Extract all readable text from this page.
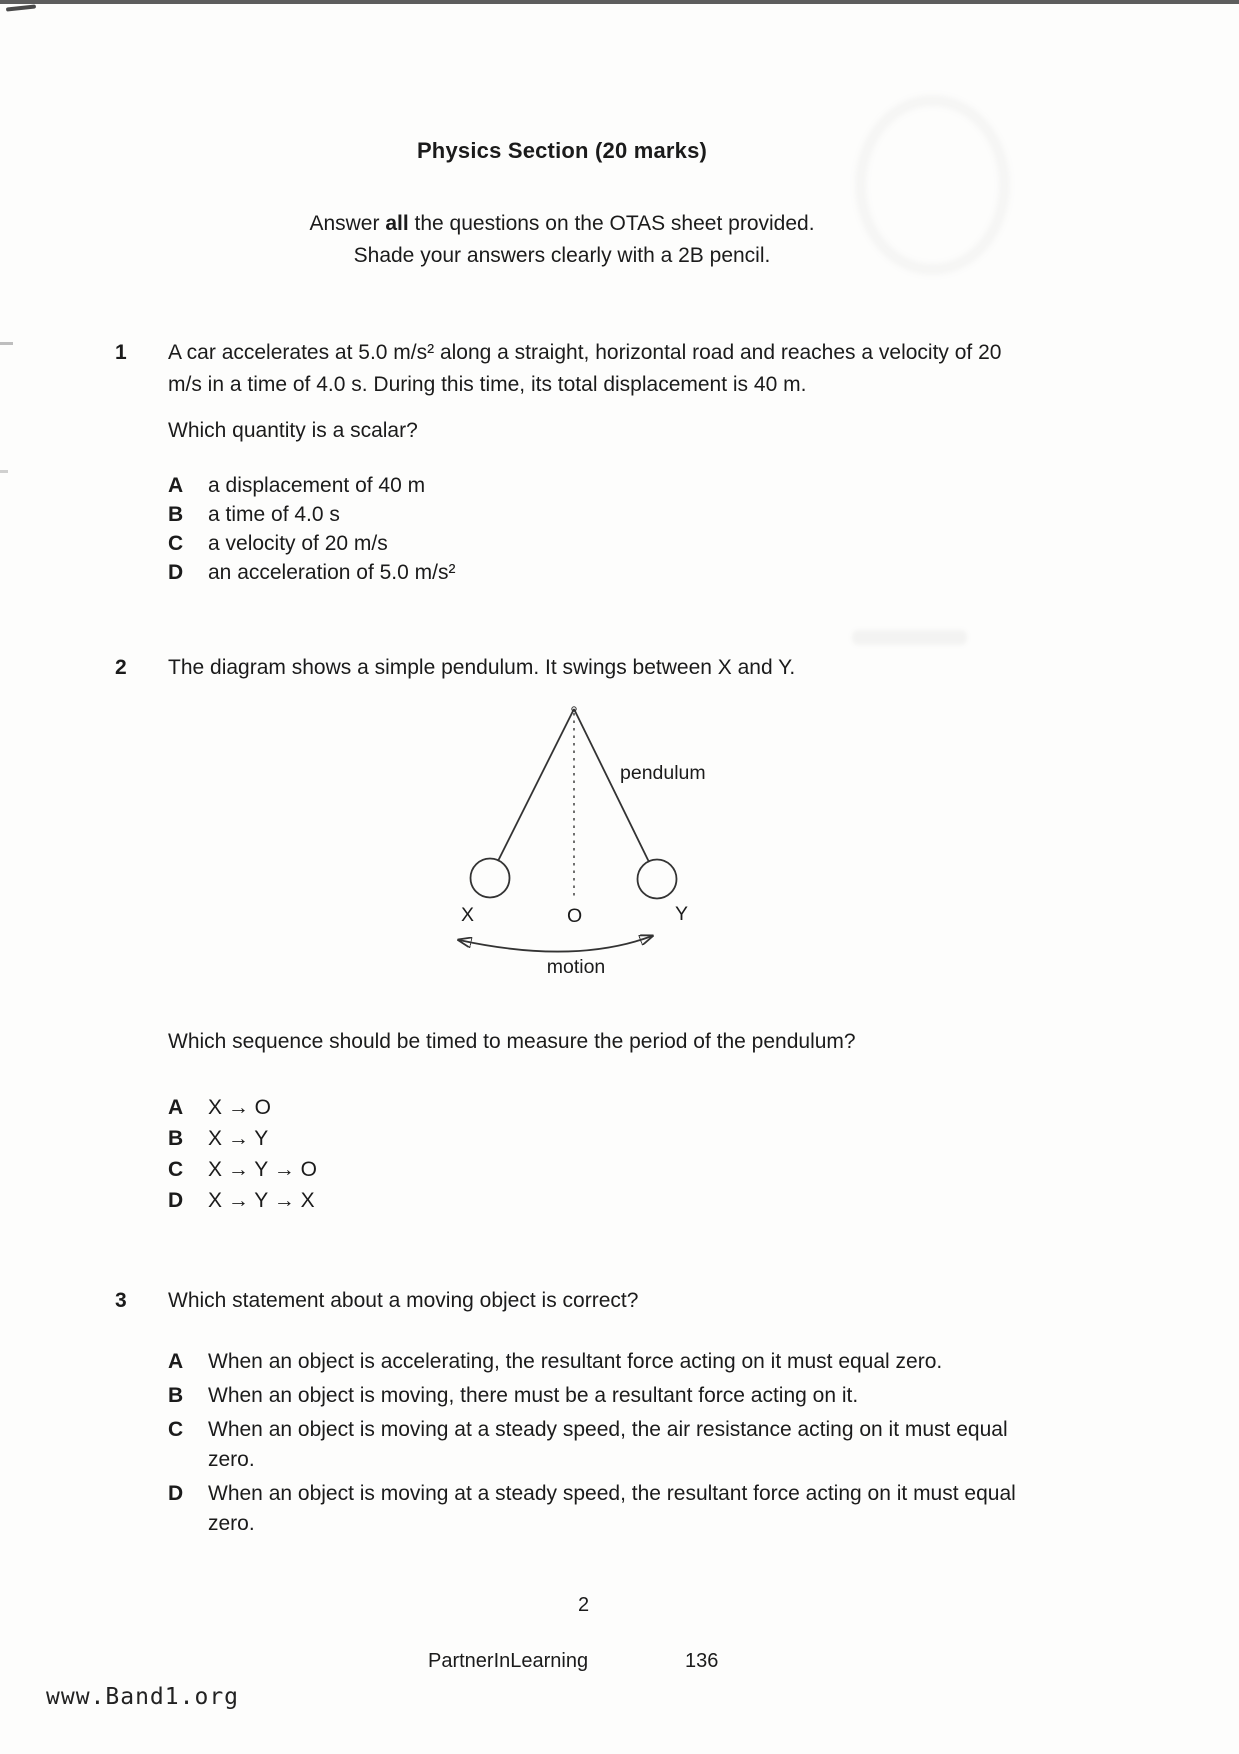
Physics Section (20 marks)
Answer all the questions on the OTAS sheet provided.
Shade your answers clearly with a 2B pencil.
1	A car accelerates at 5.0 m/s² along a straight, horizontal road and reaches a velocity of 20 m/s in a time of 4.0 s. During this time, its total displacement is 40 m.
Which quantity is a scalar?
A	a displacement of 40 m
B	a time of 4.0 s
C	a velocity of 20 m/s
D	an acceleration of 5.0 m/s²
2	The diagram shows a simple pendulum. It swings between X and Y.
pendulum
X	O	Y
motion
Which sequence should be timed to measure the period of the pendulum?
A	X → O
B	X → Y
C	X → Y → O
D	X → Y → X
3	Which statement about a moving object is correct?
A	When an object is accelerating, the resultant force acting on it must equal zero.
B	When an object is moving, there must be a resultant force acting on it.
C	When an object is moving at a steady speed, the air resistance acting on it must equal zero.
D	When an object is moving at a steady speed, the resultant force acting on it must equal zero.
2
PartnerInLearning	136
www.Band1.org
